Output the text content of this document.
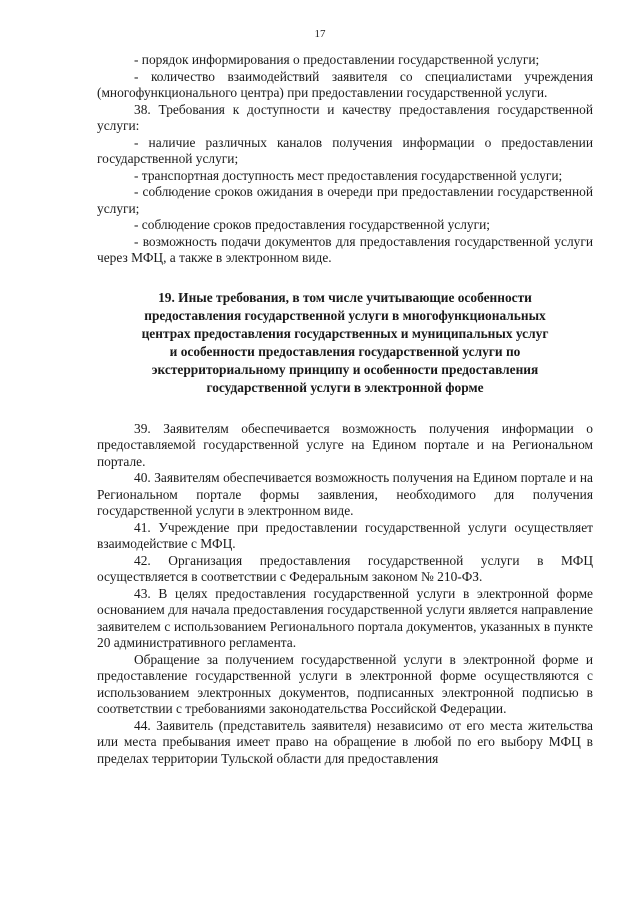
17

- порядок информирования о предоставлении государственной услуги;

- количество взаимодействий заявителя со специалистами учреждения (многофункционального центра) при предоставлении государственной услуги.

38. Требования к доступности и качеству предоставления государственной услуги:

- наличие различных каналов получения информации о предоставлении государственной услуги;

- транспортная доступность мест предоставления государственной услуги;

- соблюдение сроков ожидания в очереди при предоставлении государственной услуги;

- соблюдение сроков предоставления государственной услуги;

- возможность подачи документов для предоставления государственной услуги через МФЦ, а также в электронном виде.

19. Иные требования, в том числе учитывающие особенности
предоставления государственной услуги в многофункциональных
центрах предоставления государственных и муниципальных услуг
и особенности предоставления государственной услуги по
экстерриториальному принципу и особенности предоставления
государственной услуги в электронной форме

39. Заявителям обеспечивается возможность получения информации о предоставляемой государственной услуге на Едином портале и на Региональном портале.

40. Заявителям обеспечивается возможность получения на Едином портале и на Региональном портале формы заявления, необходимого для получения государственной услуги в электронном виде.

41. Учреждение при предоставлении государственной услуги осуществляет взаимодействие с МФЦ.

42. Организация предоставления государственной услуги в МФЦ осуществляется в соответствии с Федеральным законом № 210-ФЗ.

43. В целях предоставления государственной услуги в электронной форме основанием для начала предоставления государственной услуги является направление заявителем с использованием Регионального портала документов, указанных в пункте 20 административного регламента.

Обращение за получением государственной услуги в электронной форме и предоставление государственной услуги в электронной форме осуществляются с использованием электронных документов, подписанных электронной подписью в соответствии с требованиями законодательства Российской Федерации.

44. Заявитель (представитель заявителя) независимо от его места жительства или места пребывания имеет право на обращение в любой по его выбору МФЦ в пределах территории Тульской области для предоставления
